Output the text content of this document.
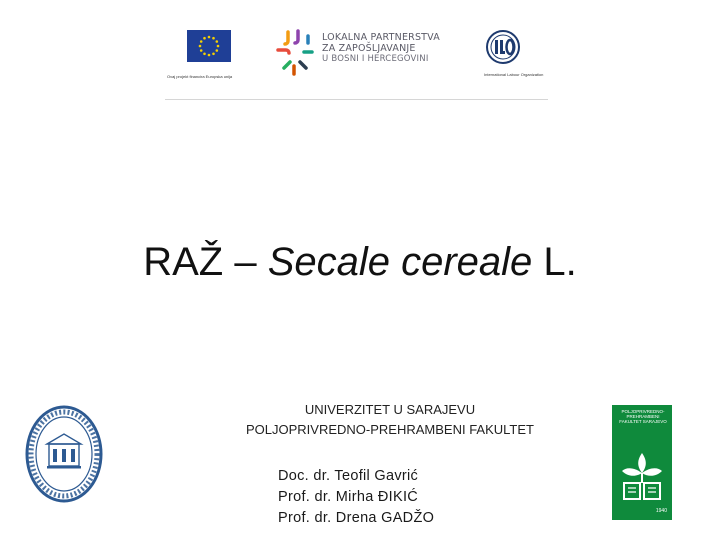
Ovaj projekt financira Europska unija
LOKALNA PARTNERSTVA
ZA ZAPOŠLJAVANJE
U BOSNI I HERCEGOVINI
International Labour Organization
RAŽ – Secale cereale L.
UNIVERZITET U SARAJEVU
POLJOPRIVREDNO-PREHRAMBENI FAKULTET
Doc. dr. Teofil Gavrić
Prof. dr. Mirha ĐIKIĆ
Prof. dr. Drena GADŽO
POLJOPRIVREDNO-PREHRAMBENI FAKULTET SARAJEVO
1940
